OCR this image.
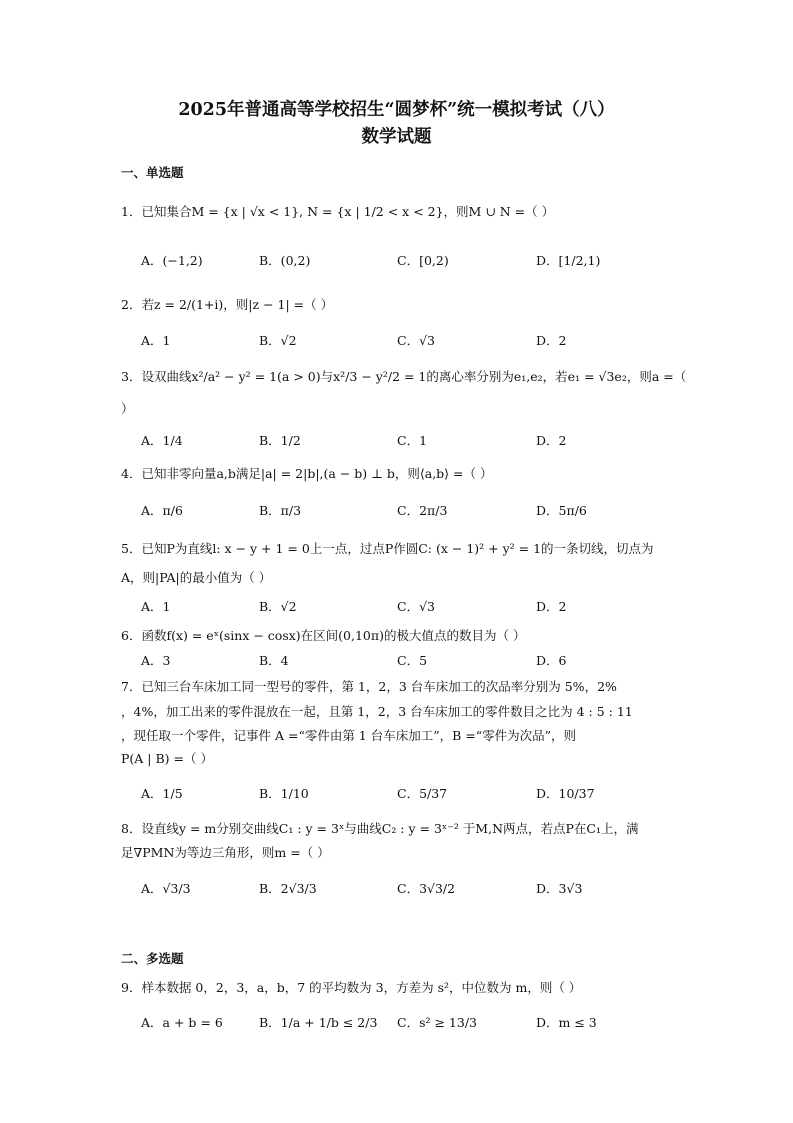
2025年普通高等学校招生“圆梦杯”统一模拟考试（八）
数学试题
一、单选题
1．已知集合M = {x | √x < 1}, N = {x | 1/2 < x < 2}，则M ∪ N =（ ）
A．(−1,2)	B．(0,2)	C．[0,2)	D．[1/2,1)
2．若z = 2/(1+i)，则|z − 1| =（ ）
A．1	B．√2	C．√3	D．2
3．设双曲线x²/a² − y² = 1(a > 0)与x²/3 − y²/2 = 1的离心率分别为e₁,e₂，若e₁ = √3e₂，则a =（
）
A．1/4	B．1/2	C．1	D．2
4．已知非零向量a,b满足|a| = 2|b|,(a − b) ⊥ b，则⟨a,b⟩ =（ ）
A．π/6	B．π/3	C．2π/3	D．5π/6
5．已知P为直线l: x − y + 1 = 0上一点，过点P作圆C: (x − 1)² + y² = 1的一条切线，切点为
A，则|PA|的最小值为（ ）
A．1	B．√2	C．√3	D．2
6．函数f(x) = eˣ(sinx − cosx)在区间(0,10π)的极大值点的数目为（ ）
A．3	B．4	C．5	D．6
7．已知三台车床加工同一型号的零件，第 1，2，3 台车床加工的次品率分别为 5%，2%
，4%，加工出来的零件混放在一起，且第 1，2，3 台车床加工的零件数目之比为 4 : 5 : 11
，现任取一个零件，记事件 A =“零件由第 1 台车床加工”，B =“零件为次品”，则
P(A | B) =（ ）
A．1/5	B．1/10	C．5/37	D．10/37
8．设直线y = m分别交曲线C₁ : y = 3ˣ与曲线C₂ : y = 3ˣ⁻² 于M,N两点，若点P在C₁上，满
足∇PMN为等边三角形，则m =（ ）
A．√3/3	B．2√3/3	C．3√3/2	D．3√3
二、多选题
9．样本数据 0，2，3，a，b，7 的平均数为 3，方差为 s²，中位数为 m，则（ ）
A．a + b = 6	B．1/a + 1/b ≤ 2/3 C．s² ≥ 13/3	D．m ≤ 3
